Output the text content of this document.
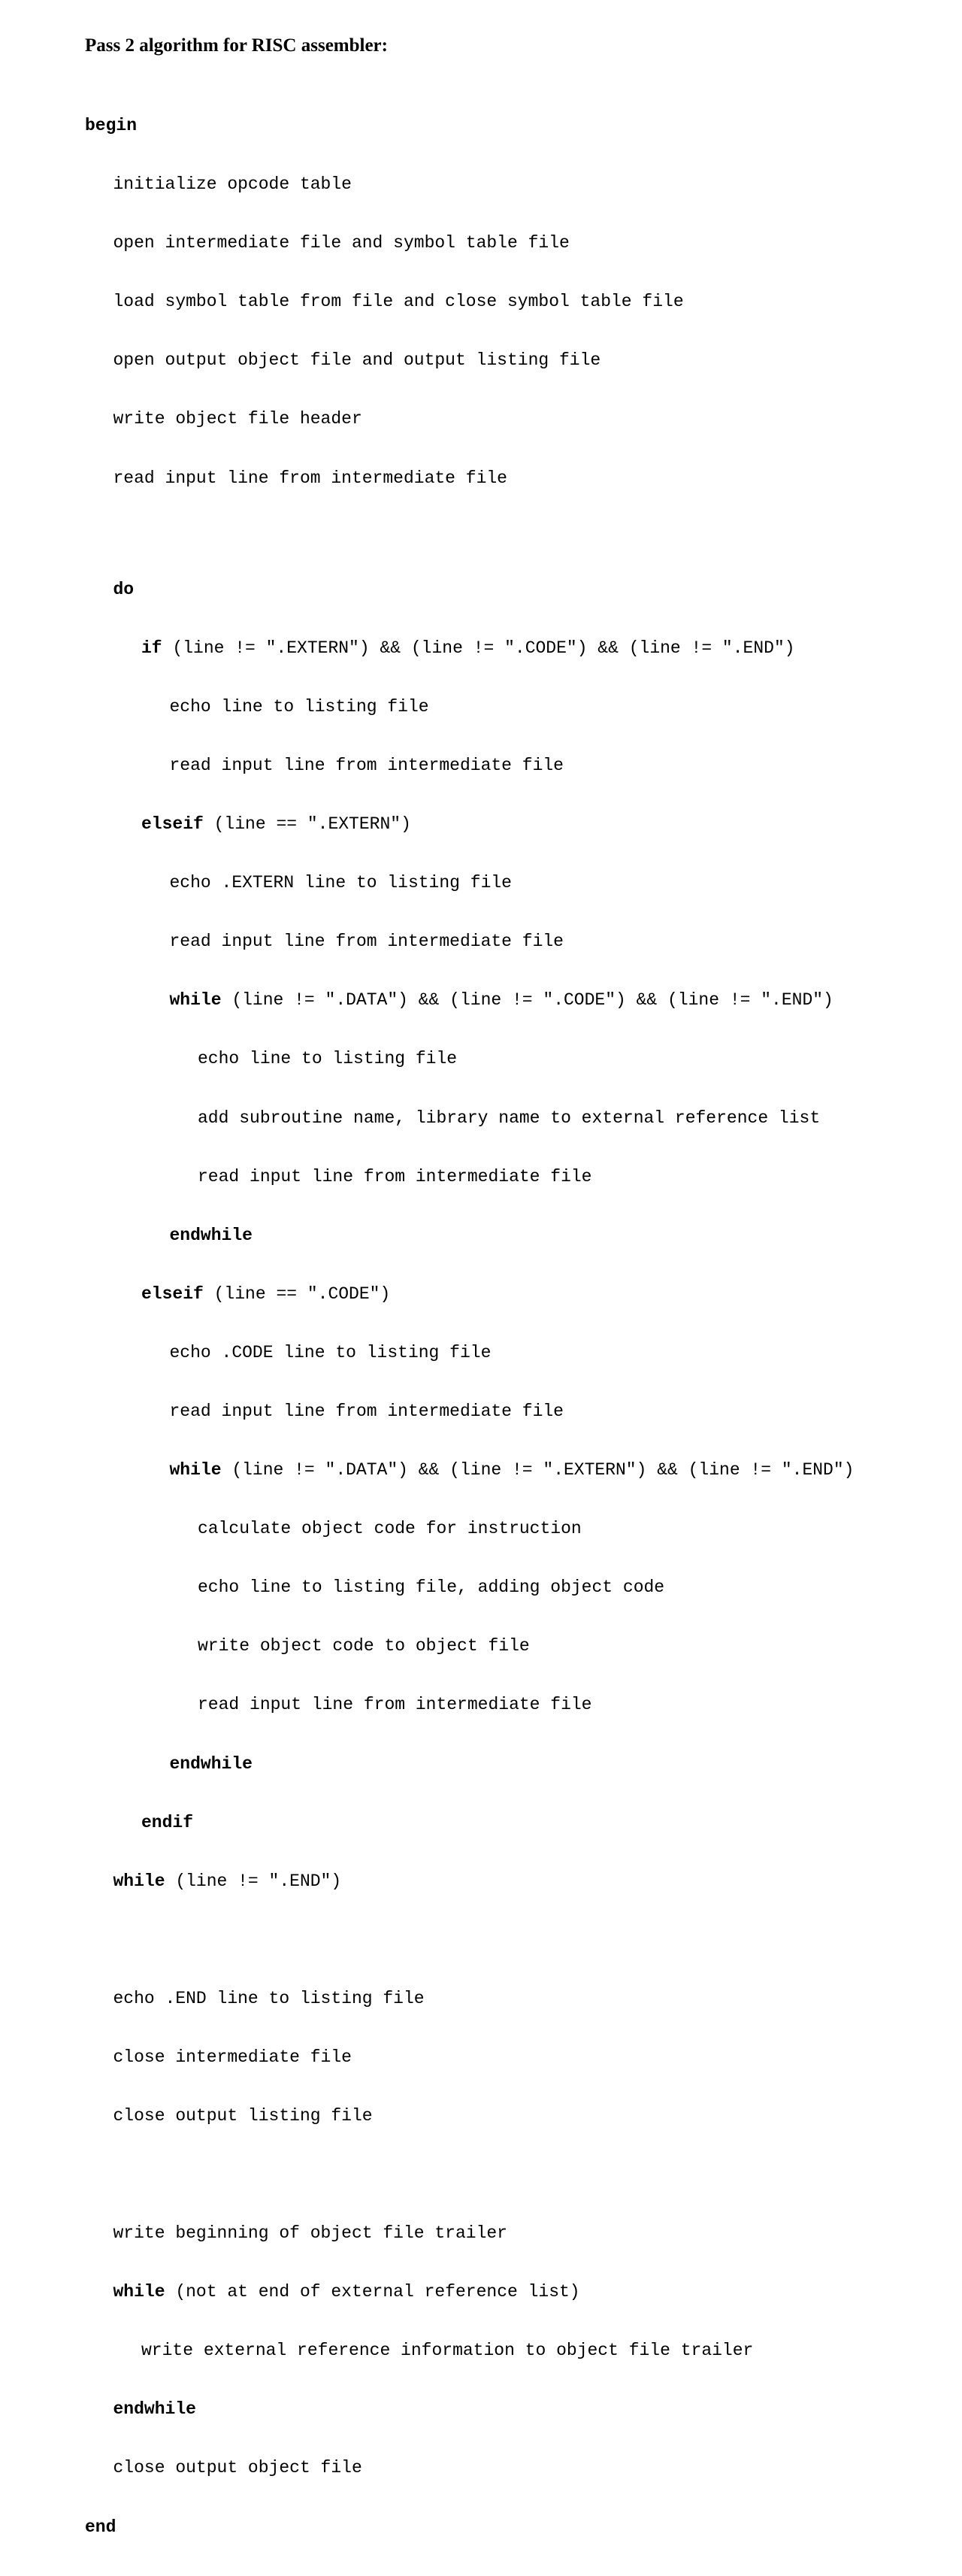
Pass 2 algorithm for RISC assembler:

begin

initialize opcode table

open intermediate file and symbol table file

load symbol table from file and close symbol table file

open output object file and output listing file

write object file header

read input line from intermediate file

do

if (line != ".EXTERN") && (line != ".CODE") && (line != ".END")

echo line to listing file

read input line from intermediate file

elseif (line == ".EXTERN")

echo .EXTERN line to listing file

read input line from intermediate file

while (line != ".DATA") && (line != ".CODE") && (line != ".END")

echo line to listing file

add subroutine name, library name to external reference list

read input line from intermediate file

endwhile

elseif (line == ".CODE")

echo .CODE line to listing file

read input line from intermediate file

while (line != ".DATA") && (line != ".EXTERN") && (line != ".END")

calculate object code for instruction

echo line to listing file, adding object code

write object code to object file

read input line from intermediate file

endwhile

endif

while (line != ".END")

echo .END line to listing file

close intermediate file

close output listing file

write beginning of object file trailer

while (not at end of external reference list)

write external reference information to object file trailer

endwhile

close output object file

end
